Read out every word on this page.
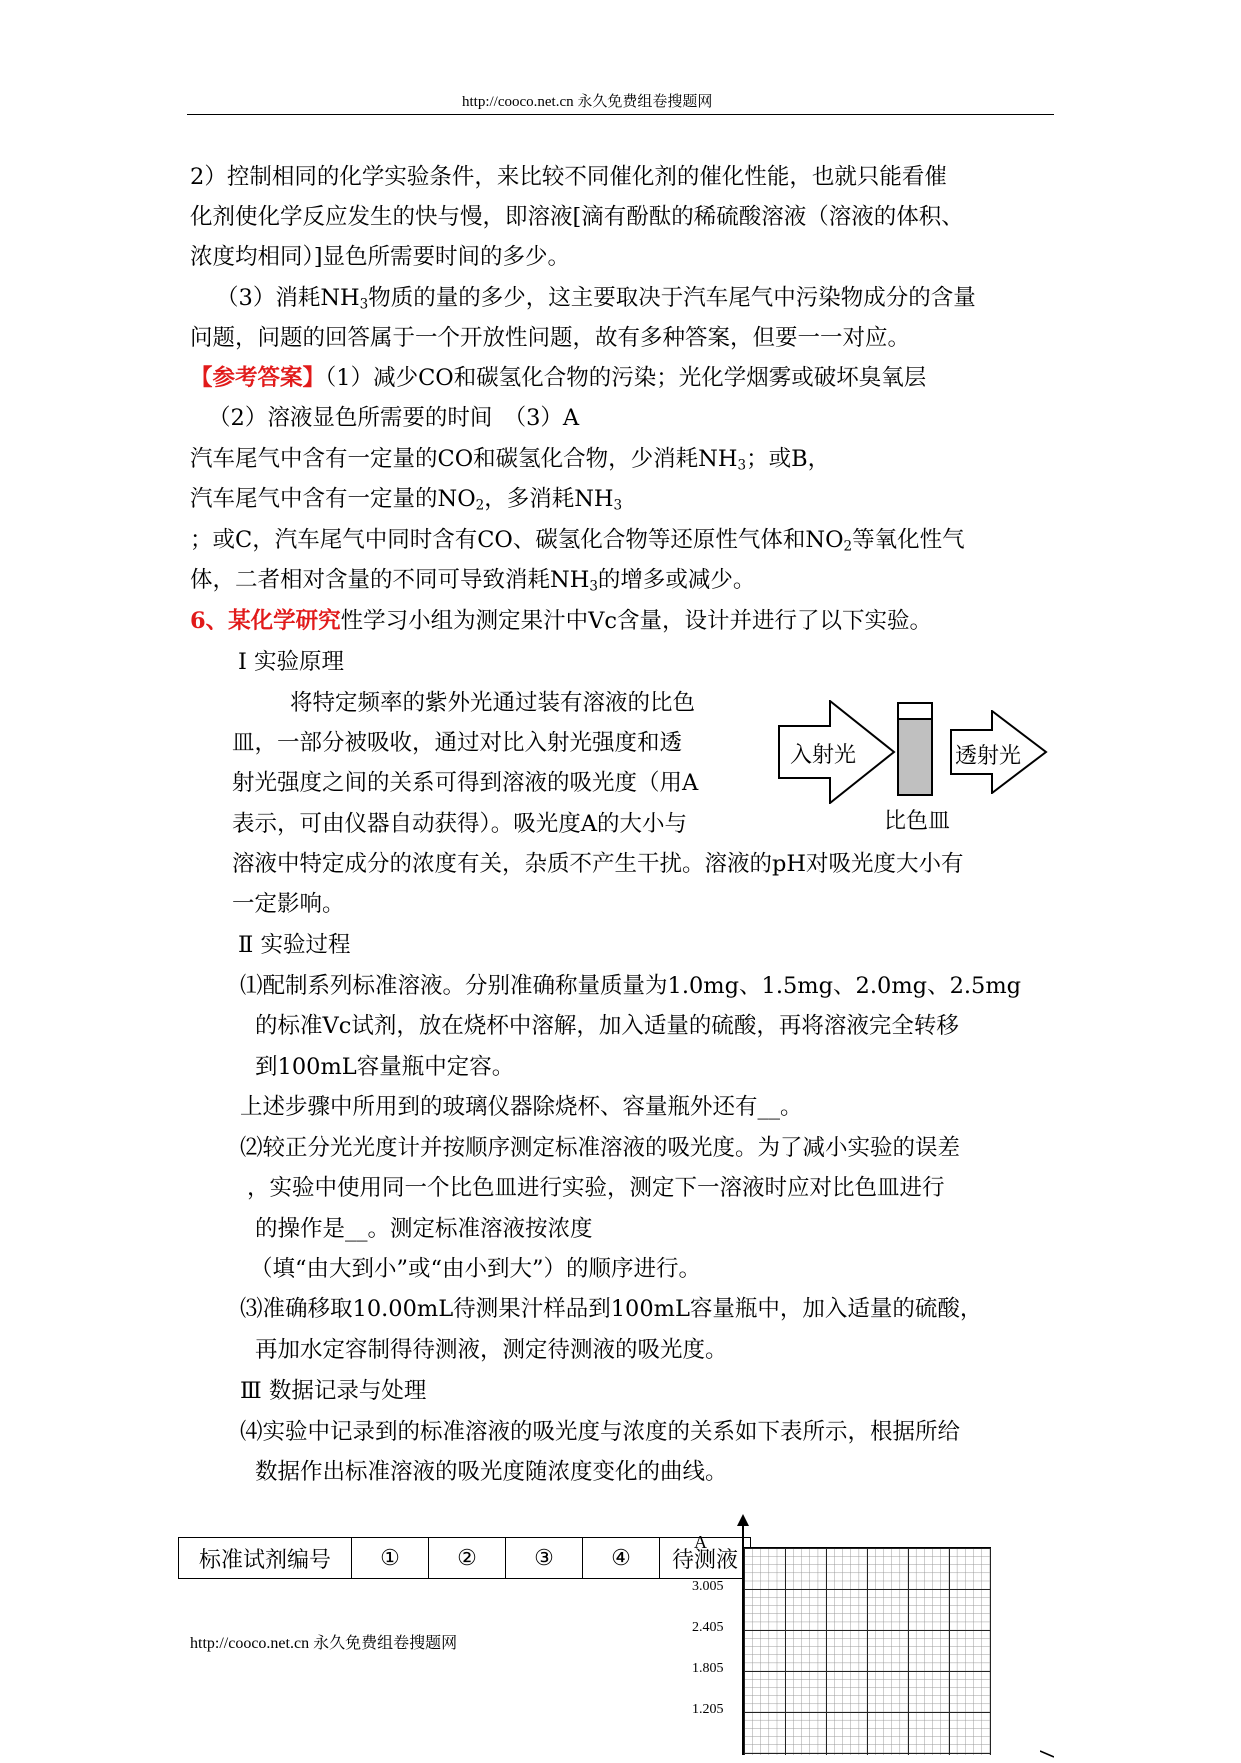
http://cooco.net.cn 永久免费组卷搜题网
2）控制相同的化学实验条件，来比较不同催化剂的催化性能，也就只能看催
化剂使化学反应发生的快与慢，即溶液[滴有酚酞的稀硫酸溶液（溶液的体积、
浓度均相同）]显色所需要时间的多少。
（3）消耗$NH_3$物质的量的多少，这主要取决于汽车尾气中污染物成分的含量
问题，问题的回答属于一个开放性问题，故有多种答案，但要一一对应。
【参考答案】（1）减少CO和碳氢化合物的污染；光化学烟雾或破坏臭氧层
（2）溶液显色所需要的时间　（3）A
汽车尾气中含有一定量的CO和碳氢化合物，少消耗$NH_3$；或B，
汽车尾气中含有一定量的$NO_2$，多消耗$NH_3$
；或C，汽车尾气中同时含有CO、碳氢化合物等还原性气体和$NO_2$等氧化性气
体，二者相对含量的不同可导致消耗$NH_3$的增多或减少。
6、某化学研究性学习小组为测定果汁中Vc含量，设计并进行了以下实验。
Ⅰ 实验原理
将特定频率的紫外光通过装有溶液的比色
皿，一部分被吸收，通过对比入射光强度和透
射光强度之间的关系可得到溶液的吸光度（用A
表示，可由仪器自动获得）。吸光度A的大小与
溶液中特定成分的浓度有关，杂质不产生干扰。溶液的pH对吸光度大小有
一定影响。
Ⅱ 实验过程
⑴配制系列标准溶液。分别准确称量质量为1.0mg、1.5mg、2.0mg、2.5mg
的标准Vc试剂，放在烧杯中溶解，加入适量的硫酸，再将溶液完全转移
到100mL容量瓶中定容。
上述步骤中所用到的玻璃仪器除烧杯、容量瓶外还有__。
⑵较正分光光度计并按顺序测定标准溶液的吸光度。为了减小实验的误差
，实验中使用同一个比色皿进行实验，测定下一溶液时应对比色皿进行
的操作是__。测定标准溶液按浓度
（填“由大到小”或“由小到大”）的顺序进行。
⑶准确移取10.00mL待测果汁样品到100mL容量瓶中，加入适量的硫酸，
再加水定容制得待测液，测定待测液的吸光度。
Ⅲ 数据记录与处理
⑷实验中记录到的标准溶液的吸光度与浓度的关系如下表所示，根据所给
数据作出标准溶液的吸光度随浓度变化的曲线。
入射光
比色皿
透射光
标准试剂编号	①	②	③	④	待测液
A
3.005
2.405
1.805
1.205
http://cooco.net.cn 永久免费组卷搜题网
